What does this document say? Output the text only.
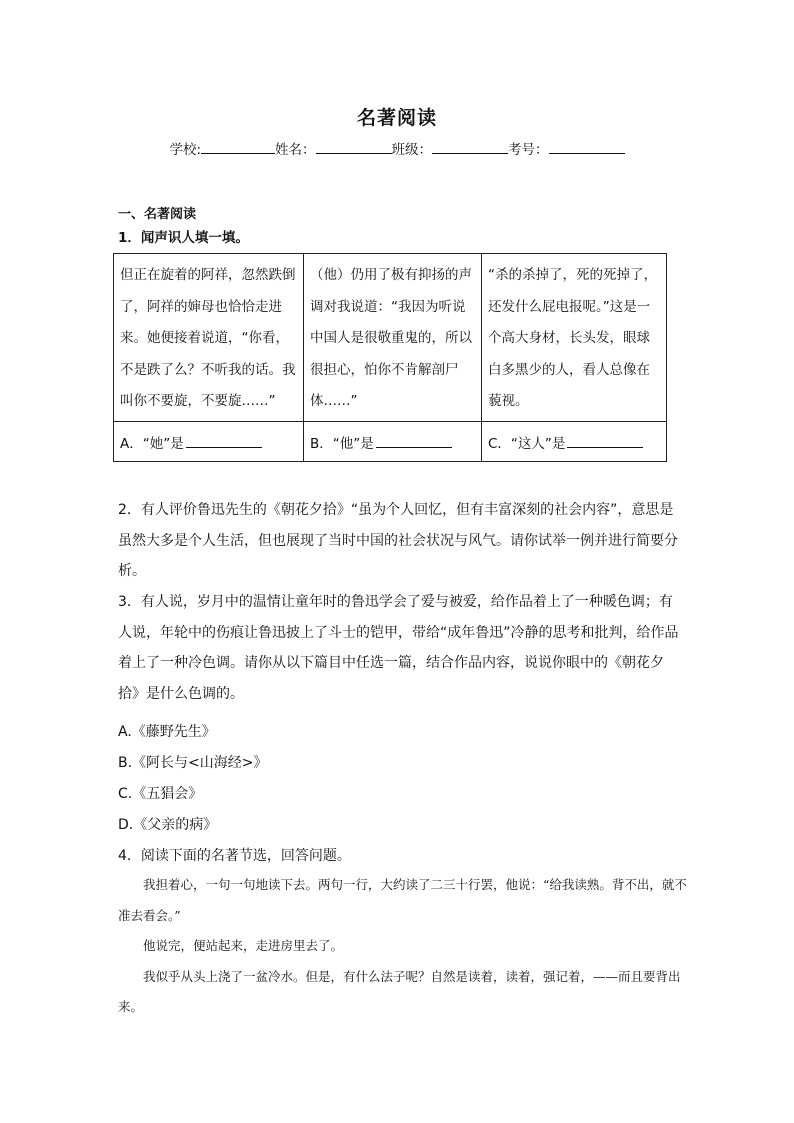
名著阅读
学校:	姓名：	班级：	考号：
一、名著阅读
1．闻声识人填一填。
但正在旋着的阿祥，忽然跌倒了，阿祥的婶母也恰恰走进来。她便接着说道，“你看，不是跌了么？不听我的话。我叫你不要旋，不要旋……”	（他）仍用了极有抑扬的声调对我说道：“我因为听说中国人是很敬重鬼的，所以很担心，怕你不肯解剖尸体……”	“杀的杀掉了，死的死掉了，还发什么屁电报呢。”这是一个高大身材，长头发，眼球白多黑少的人，看人总像在藐视。
A．“她”是	B．“他”是	C．“这人”是
2．有人评价鲁迅先生的《朝花夕拾》“虽为个人回忆，但有丰富深刻的社会内容”，意思是虽然大多是个人生活，但也展现了当时中国的社会状况与风气。请你试举一例并进行简要分析。
3．有人说，岁月中的温情让童年时的鲁迅学会了爱与被爱，给作品着上了一种暖色调；有人说，年轮中的伤痕让鲁迅披上了斗士的铠甲，带给“成年鲁迅”冷静的思考和批判，给作品着上了一种冷色调。请你从以下篇目中任选一篇，结合作品内容，说说你眼中的《朝花夕拾》是什么色调的。
A.《藤野先生》
B.《阿长与<山海经>》
C.《五猖会》
D.《父亲的病》
4．阅读下面的名著节选，回答问题。

我担着心，一句一句地读下去。两句一行，大约读了二三十行罢，他说：“给我读熟。背不出，就不准去看会。”

他说完，便站起来，走进房里去了。

我似乎从头上浇了一盆冷水。但是，有什么法子呢？自然是读着，读着，强记着，——而且要背出来。
